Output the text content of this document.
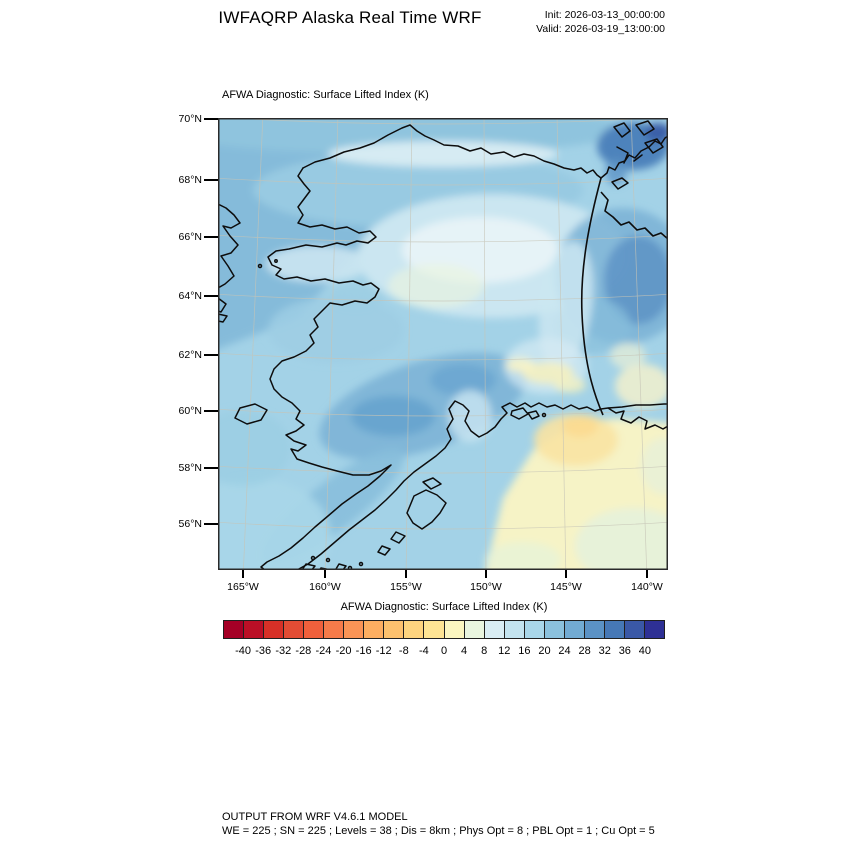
IWFAQRP Alaska Real Time WRF	Init: 2026-03-13_00:00:00
Valid: 2026-03-19_13:00:00
AFWA Diagnostic: Surface Lifted Index (K)
AFWA Diagnostic: Surface Lifted Index (K)
OUTPUT FROM WRF V4.6.1 MODEL
WE = 225 ; SN = 225 ; Levels = 38 ; Dis = 8km ; Phys Opt = 8 ; PBL Opt = 1 ; Cu Opt = 5
70°N
68°N
66°N
64°N
62°N
60°N
58°N
56°N
165°W	160°W	155°W	150°W	145°W	140°W
-40 -36 -32 -28 -24 -20 -16 -12 -8 -4	0	4	8 12 16 20 24 28 32 36 40
